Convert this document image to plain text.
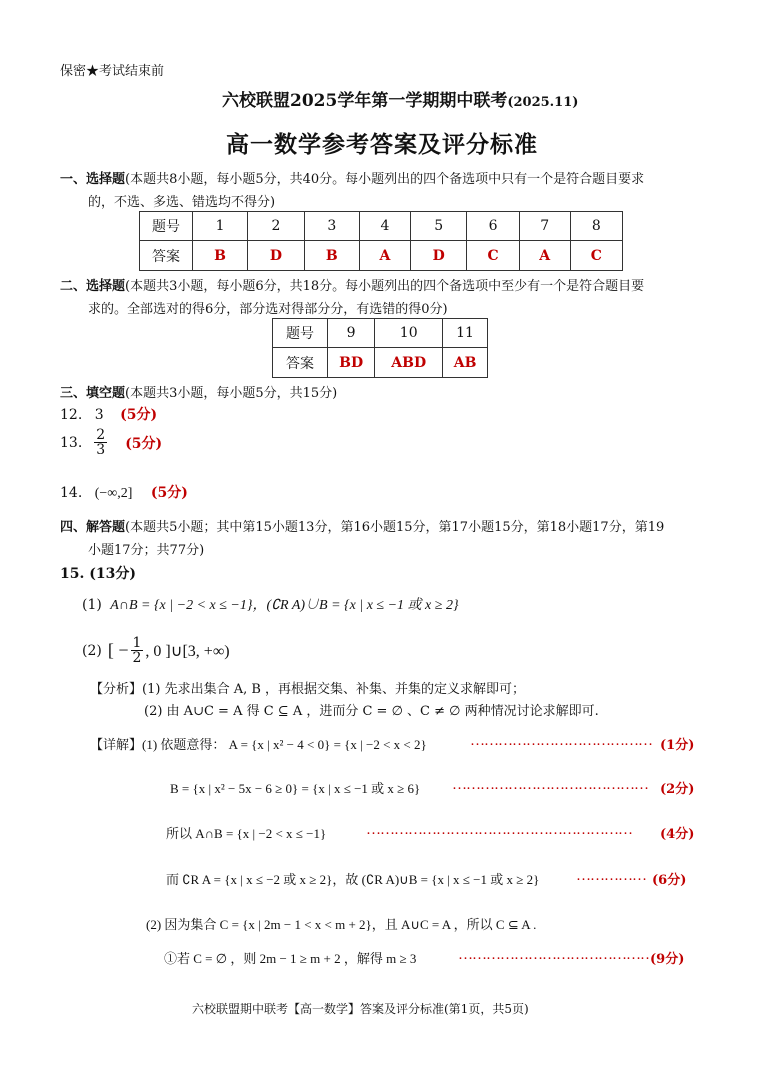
保密★考试结束前
六校联盟2025学年第一学期期中联考(2025.11)
高一数学参考答案及评分标准
一、选择题(本题共8小题，每小题5分，共40分。每小题列出的四个备选项中只有一个是符合题目要求
的，不选、多选、错选均不得分)
题号	1	2	3	4	5	6	7	8
答案	B	D	B	A	D	C	A	C
二、选择题(本题共3小题，每小题6分，共18分。每小题列出的四个备选项中至少有一个是符合题目要
求的。全部选对的得6分，部分选对得部分分，有选错的得0分)
题号	9	10	11
答案	BD	ABD	AB
三、填空题(本题共3小题，每小题5分，共15分)
12. 3 (5分)
13. $\frac{2}{3} (5$分)
14. (−∞,2] (5分)
四、解答题(本题共5小题；其中第15小题13分，第16小题15分，第17小题15分，第18小题17分，第19
小题17分；共77分)
15. (13分)
(1) A∩B = {x | −2 < x ≤ −1}，(∁R A)∪B = {x | x ≤ −1 或 x ≥ 2}
(2) [ − $\frac{1}{2}$ , 0 ]∪[3, +∞)
【分析】(1) 先求出集合 A, B ，再根据交集、补集、并集的定义求解即可；
(2) 由 A∪C = A 得 C ⊆ A ，进而分 C = ∅ 、C ≠ ∅ 两种情况讨论求解即可.
【详解】(1) 依题意得： A = {x | x² − 4 < 0} = {x | −2 < x < 2}	………………………………… (1分)
B = {x | x² − 5x − 6 ≥ 0} = {x | x ≤ −1 或 x ≥ 6} …………………………………… (2分)
所以 A∩B = {x | −2 < x ≤ −1}	………………………………………………… (4分)
而 ∁R A = {x | x ≤ −2 或 x ≥ 2}，故 (∁R A)∪B = {x | x ≤ −1 或 x ≥ 2} …………… (6分)
(2) 因为集合 C = {x | 2m − 1 < x < m + 2}，且 A∪C = A ，所以 C ⊆ A .
①若 C = ∅ ，则 2m − 1 ≥ m + 2 ，解得 m ≥ 3	……………………………………
(9分)
六校联盟期中联考【高一数学】答案及评分标准(第1页，共5页)
